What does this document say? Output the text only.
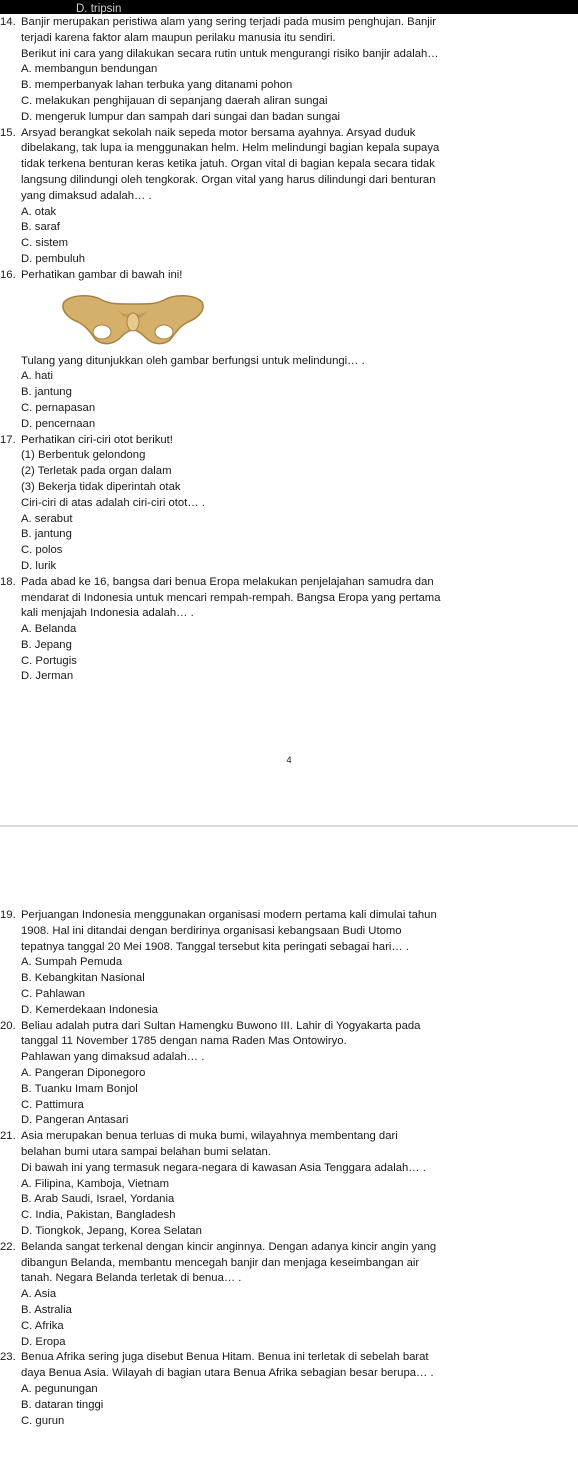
D. tripsin
14. Banjir merupakan peristiwa alam yang sering terjadi pada musim penghujan. Banjir

terjadi karena faktor alam maupun perilaku manusia itu sendiri.

Berikut ini cara yang dilakukan secara rutin untuk mengurangi risiko banjir adalah…

A. membangun bendungan
B. memperbanyak lahan terbuka yang ditanami pohon
C. melakukan penghijauan di sepanjang daerah aliran sungai
D. mengeruk lumpur dan sampah dari sungai dan badan sungai
15. Arsyad berangkat sekolah naik sepeda motor bersama ayahnya. Arsyad duduk

dibelakang, tak lupa ia menggunakan helm. Helm melindungi bagian kepala supaya

tidak terkena benturan keras ketika jatuh. Organ vital di bagian kepala secara tidak

langsung dilindungi oleh tengkorak. Organ vital yang harus dilindungi dari benturan

yang dimaksud adalah… .

A. otak
B. saraf
C. sistem
D. pembuluh
16. Perhatikan gambar di bawah ini!

Tulang yang ditunjukkan oleh gambar berfungsi untuk melindungi… .

A. hati
B. jantung
C. pernapasan
D. pencernaan
17. Perhatikan ciri-ciri otot berikut!

(1) Berbentuk gelondong

(2) Terletak pada organ dalam

(3) Bekerja tidak diperintah otak

Ciri-ciri di atas adalah ciri-ciri otot… .

A. serabut
B. jantung
C. polos
D. lurik
18. Pada abad ke 16, bangsa dari benua Eropa melakukan penjelajahan samudra dan

mendarat di Indonesia untuk mencari rempah-rempah. Bangsa Eropa yang pertama

kali menjajah Indonesia adalah… .

A. Belanda
B. Jepang
C. Portugis
D. Jerman
4
19. Perjuangan Indonesia menggunakan organisasi modern pertama kali dimulai tahun

1908. Hal ini ditandai dengan berdirinya organisasi kebangsaan Budi Utomo

tepatnya tanggal 20 Mei 1908. Tanggal tersebut kita peringati sebagai hari… .

A. Sumpah Pemuda
B. Kebangkitan Nasional
C. Pahlawan
D. Kemerdekaan Indonesia
20. Beliau adalah putra dari Sultan Hamengku Buwono III. Lahir di Yogyakarta pada

tanggal 11 November 1785 dengan nama Raden Mas Ontowiryo.

Pahlawan yang dimaksud adalah… .

A. Pangeran Diponegoro
B. Tuanku Imam Bonjol
C. Pattimura
D. Pangeran Antasari
21. Asia merupakan benua terluas di muka bumi, wilayahnya membentang dari

belahan bumi utara sampai belahan bumi selatan.

Di bawah ini yang termasuk negara-negara di kawasan Asia Tenggara adalah… .

A. Filipina, Kamboja, Vietnam
B. Arab Saudi, Israel, Yordania
C. India, Pakistan, Bangladesh
D. Tiongkok, Jepang, Korea Selatan
22. Belanda sangat terkenal dengan kincir anginnya. Dengan adanya kincir angin yang

dibangun Belanda, membantu mencegah banjir dan menjaga keseimbangan air

tanah. Negara Belanda terletak di benua… .

A. Asia
B. Astralia
C. Afrika
D. Eropa
23. Benua Afrika sering juga disebut Benua Hitam. Benua ini terletak di sebelah barat

daya Benua Asia. Wilayah di bagian utara Benua Afrika sebagian besar berupa… .

A. pegunungan
B. dataran tinggi
C. gurun
